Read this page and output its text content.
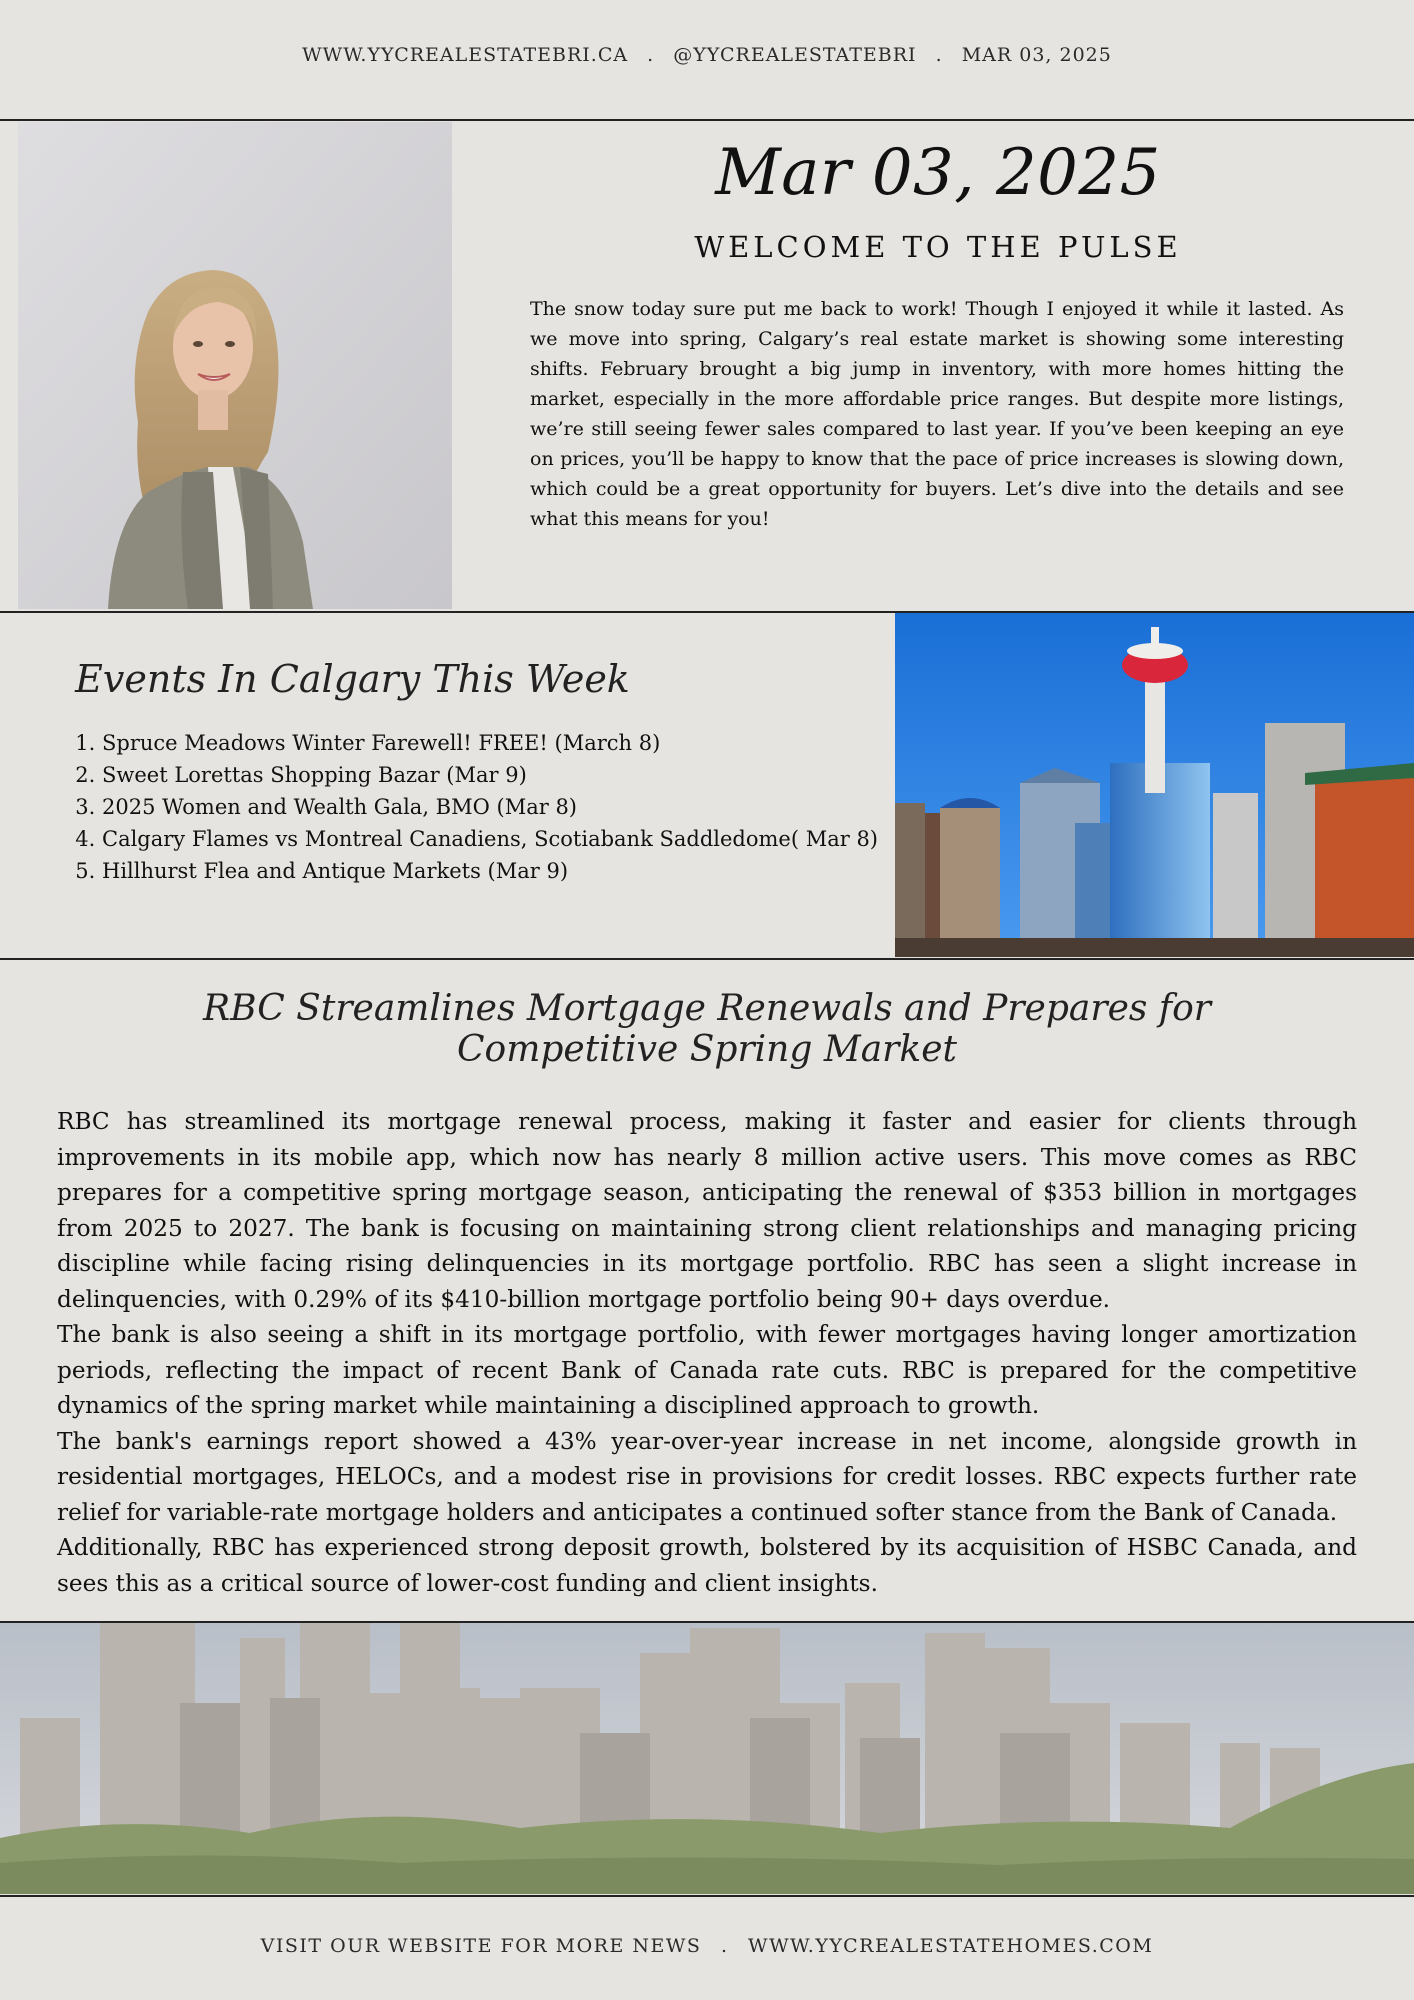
WWW.YYCREALESTATEBRI.CA . @YYCREALESTATEBRI . MAR 03, 2025
Mar 03, 2025
WELCOME TO THE PULSE
The snow today sure put me back to work! Though I enjoyed it while it lasted. As we move into spring, Calgary’s real estate market is showing some interesting shifts. February brought a big jump in inventory, with more homes hitting the market, especially in the more affordable price ranges. But despite more listings, we’re still seeing fewer sales compared to last year. If you’ve been keeping an eye on prices, you’ll be happy to know that the pace of price increases is slowing down, which could be a great opportunity for buyers. Let’s dive into the details and see what this means for you!
Events In Calgary This Week
1. Spruce Meadows Winter Farewell! FREE! (March 8)
2. Sweet Lorettas Shopping Bazar (Mar 9)
3. 2025 Women and Wealth Gala, BMO (Mar 8)
4. Calgary Flames vs Montreal Canadiens, Scotiabank Saddledome( Mar 8)
5. Hillhurst Flea and Antique Markets (Mar 9)
RBC Streamlines Mortgage Renewals and Prepares for Competitive Spring Market

RBC has streamlined its mortgage renewal process, making it faster and easier for clients through improvements in its mobile app, which now has nearly 8 million active users. This move comes as RBC prepares for a competitive spring mortgage season, anticipating the renewal of $353 billion in mortgages from 2025 to 2027. The bank is focusing on maintaining strong client relationships and managing pricing discipline while facing rising delinquencies in its mortgage portfolio. RBC has seen a slight increase in delinquencies, with 0.29% of its $410-billion mortgage portfolio being 90+ days overdue.

The bank is also seeing a shift in its mortgage portfolio, with fewer mortgages having longer amortization periods, reflecting the impact of recent Bank of Canada rate cuts. RBC is prepared for the competitive dynamics of the spring market while maintaining a disciplined approach to growth.

The bank's earnings report showed a 43% year-over-year increase in net income, alongside growth in residential mortgages, HELOCs, and a modest rise in provisions for credit losses. RBC expects further rate relief for variable-rate mortgage holders and anticipates a continued softer stance from the Bank of Canada.

Additionally, RBC has experienced strong deposit growth, bolstered by its acquisition of HSBC Canada, and sees this as a critical source of lower-cost funding and client insights.

VISIT OUR WEBSITE FOR MORE NEWS . WWW.YYCREALESTATEHOMES.COM
